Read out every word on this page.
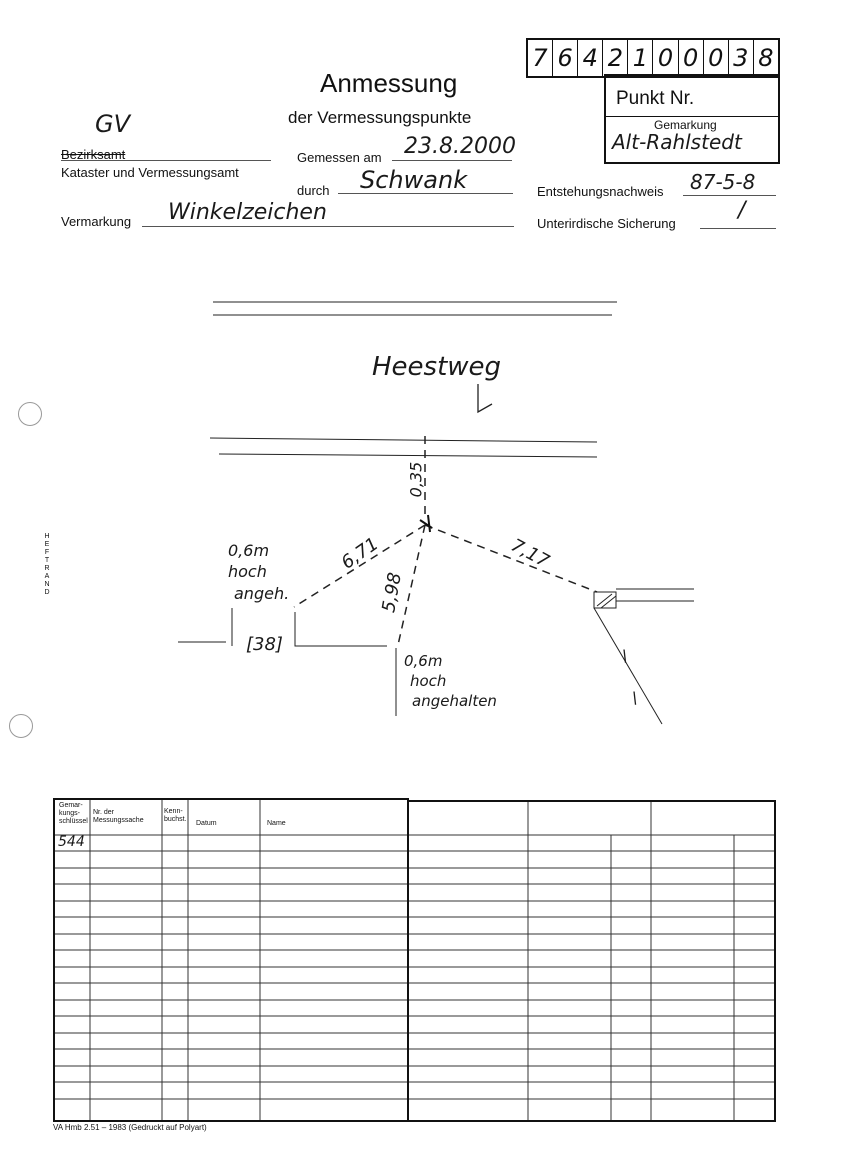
HEFTRAND
7 6 4 2 1 0 0 0 3 8
Punkt Nr.
Gemarkung
Alt-Rahlstedt
Anmessung
der Vermessungspunkte
GV
Bezirksamt
Kataster und Vermessungsamt
Gemessen am 23.8.2000
durch Schwank
Vermarkung Winkelzeichen
Entstehungsnachweis 87-5-8
Unterirdische Sicherung
/
Heestweg
0,35
6,71	7,17
5,98
0,6m
hoch
angeh.
[38]
0,6m
hoch
angehalten
\
\
Gemar-kungs-schlüssel
Nr. der Messungssache
Kenn-buchst.
Datum	Name
544
VA Hmb 2.51 – 1983 (Gedruckt auf Polyart)
